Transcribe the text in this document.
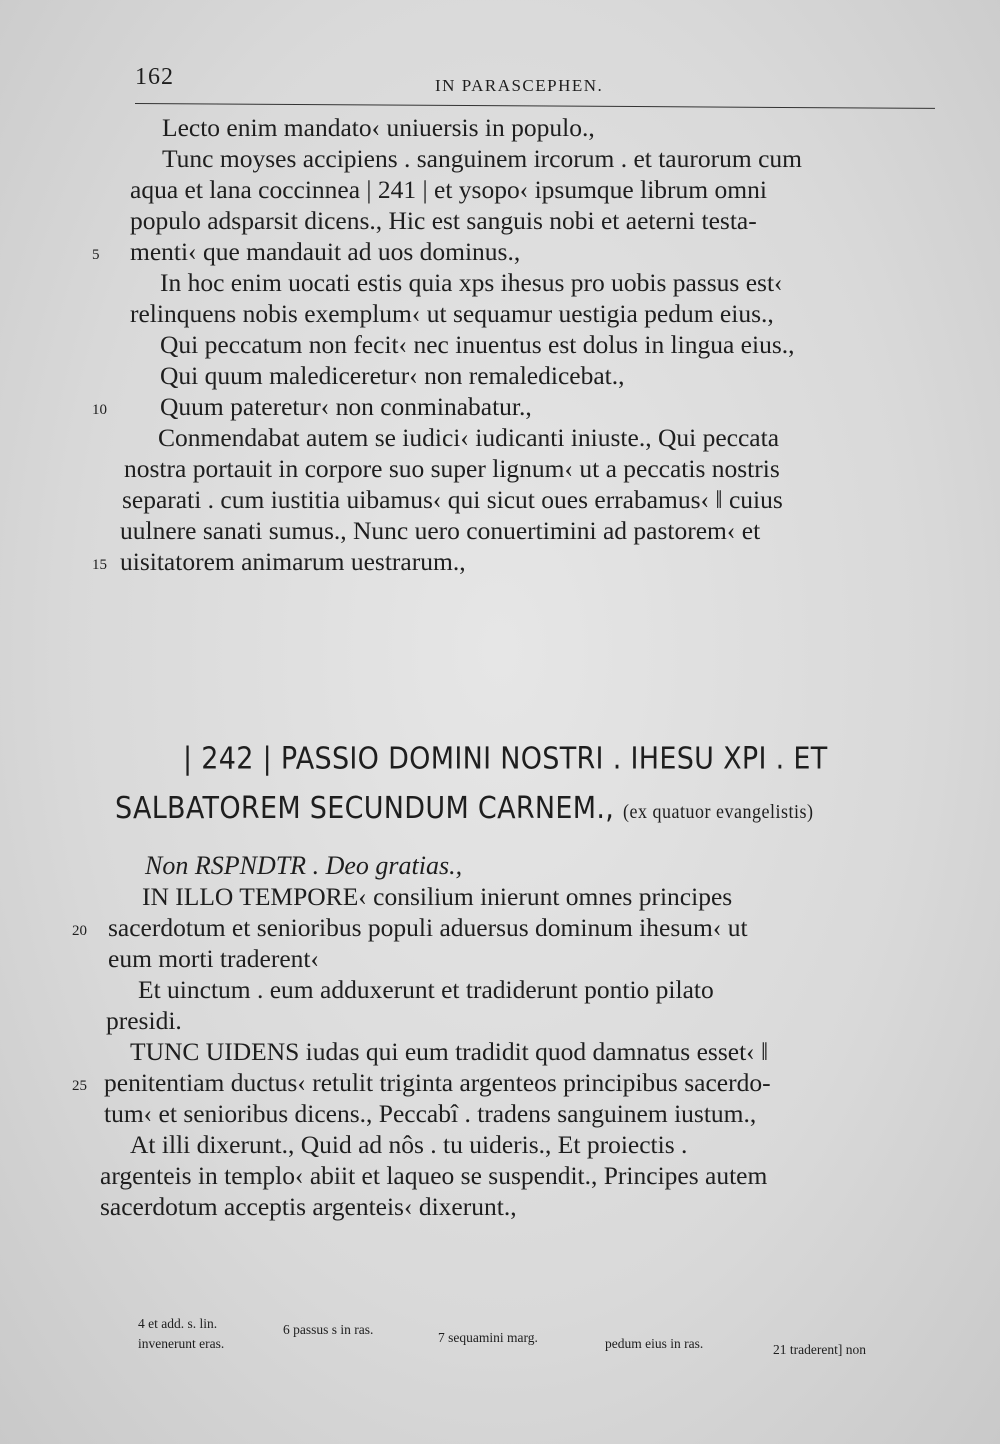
162	IN PARASCEPHEN.
Lecto enim mandato‹ uniuersis in populo.,
Tunc moyses accipiens . sanguinem ircorum . et taurorum cum
aqua et lana coccinnea | 241 | et ysopo‹ ipsumque librum omni
populo adsparsit dicens., Hic est sanguis nobi et aeterni testa-
5 menti‹ que mandauit ad uos dominus.,
In hoc enim uocati estis quia xps ihesus pro uobis passus est‹
relinquens nobis exemplum‹ ut sequamur uestigia pedum eius.,
Qui peccatum non fecit‹ nec inuentus est dolus in lingua eius.,
Qui quum malediceretur‹ non remaledicebat.,
10 Quum pateretur‹ non conminabatur.,
Conmendabat autem se iudici‹ iudicanti iniuste., Qui peccata
nostra portauit in corpore suo super lignum‹ ut a peccatis nostris
separati . cum iustitia uibamus‹ qui sicut oues errabamus‹ ‖ cuius
uulnere sanati sumus., Nunc uero conuertimini ad pastorem‹ et
15 uisitatorem animarum uestrarum.,
| 242 | PASSIO DOMINI NOSTRI . IHESU XPI . ET
SALBATOREM SECUNDUM CARNEM., (ex quatuor evangelistis)
Non RSPNDTR . Deo gratias.,
IN ILLO TEMPORE‹ consilium inierunt omnes principes
20 sacerdotum et senioribus populi aduersus dominum ihesum‹ ut
eum morti traderent‹
Et uinctum . eum adduxerunt et tradiderunt pontio pilato
presidi.
TUNC UIDENS iudas qui eum tradidit quod damnatus esset‹ ‖
25 penitentiam ductus‹ retulit triginta argenteos principibus sacerdo-
tum‹ et senioribus dicens., Peccabî . tradens sanguinem iustum.,
At illi dixerunt., Quid ad nôs . tu uideris., Et proiectis .
argenteis in templo‹ abiit et laqueo se suspendit., Principes autem
sacerdotum acceptis argenteis‹ dixerunt.,
4 et add. s. lin.
invenerunt eras.
6 passus s in ras.
7 sequamini marg.	pedum eius in ras.	21 traderent] non
